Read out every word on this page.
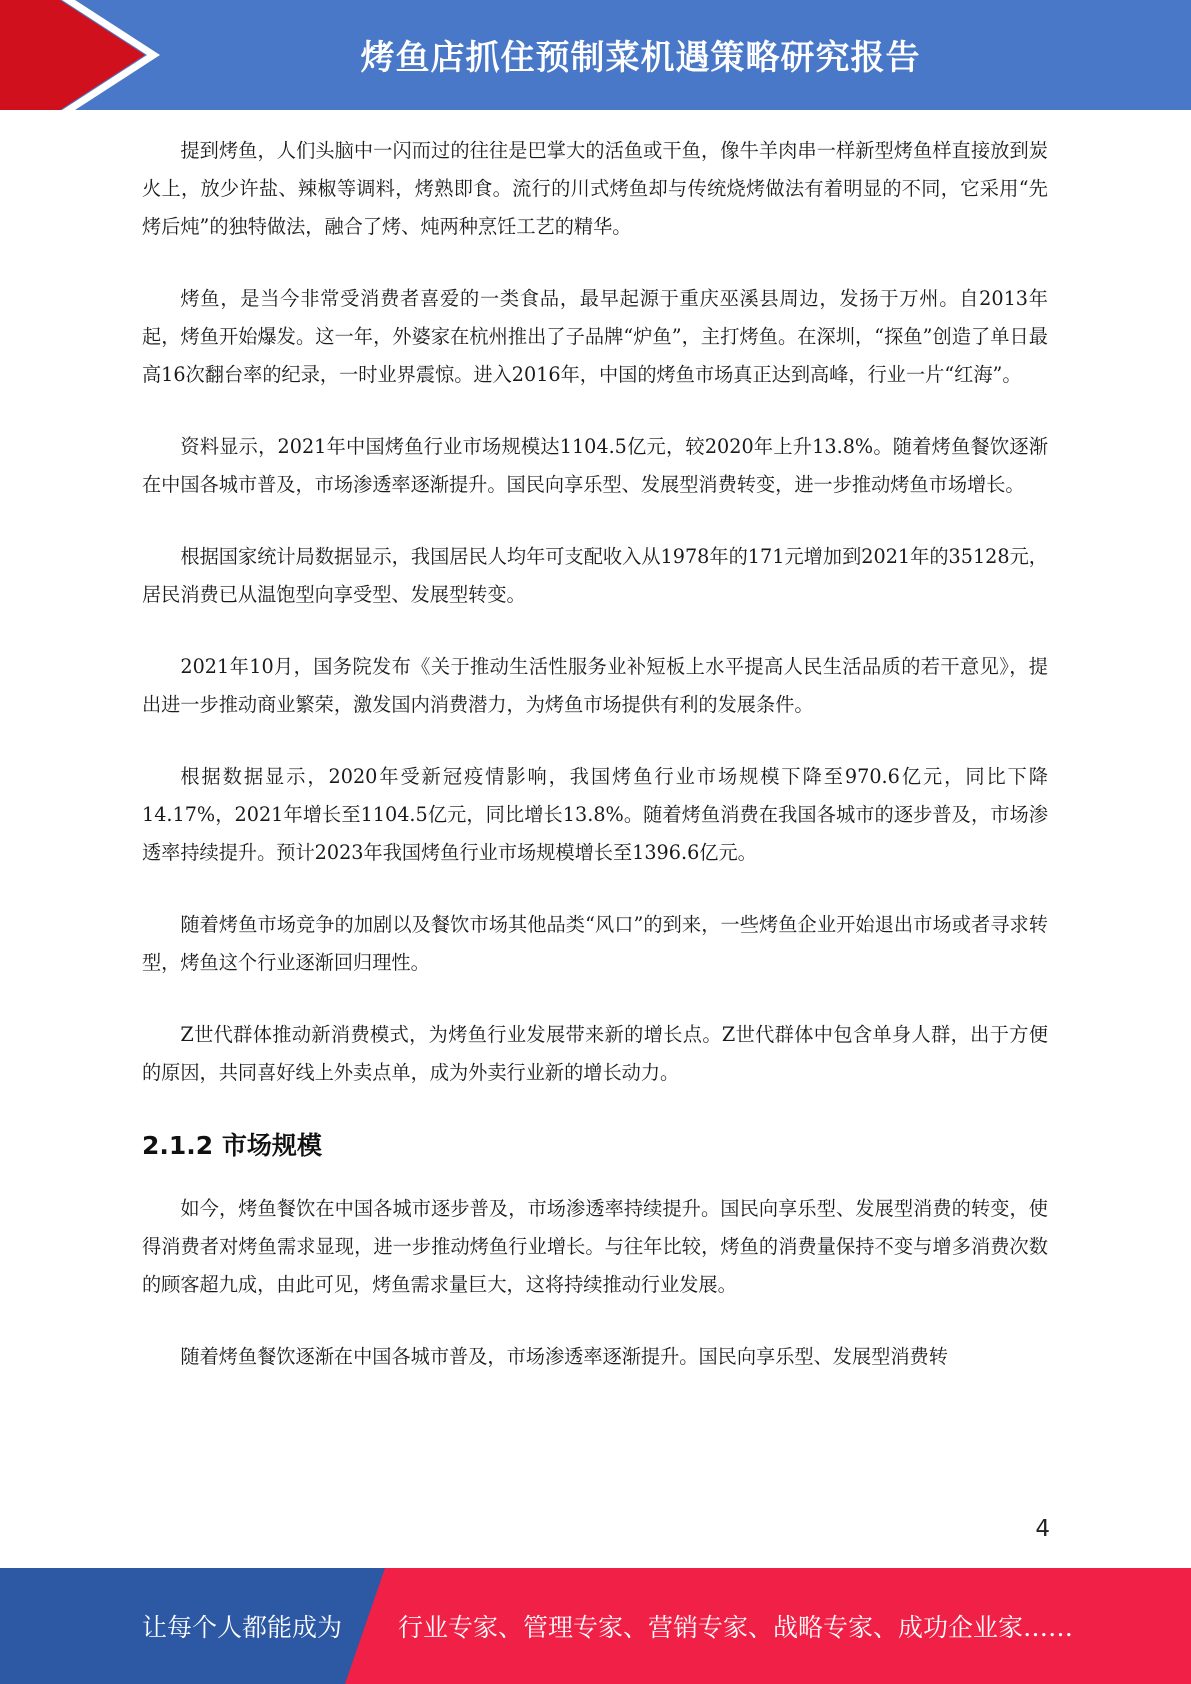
烤鱼店抓住预制菜机遇策略研究报告

提到烤鱼，人们头脑中一闪而过的往往是巴掌大的活鱼或干鱼，像牛羊肉串一样新型烤鱼样直接放到炭火上，放少许盐、辣椒等调料，烤熟即食。流行的川式烤鱼却与传统烧烤做法有着明显的不同，它采用“先烤后炖”的独特做法，融合了烤、炖两种烹饪工艺的精华。

烤鱼，是当今非常受消费者喜爱的一类食品，最早起源于重庆巫溪县周边，发扬于万州。自2013年起，烤鱼开始爆发。这一年，外婆家在杭州推出了子品牌“炉鱼”，主打烤鱼。在深圳，“探鱼”创造了单日最高16次翻台率的纪录，一时业界震惊。进入2016年，中国的烤鱼市场真正达到高峰，行业一片“红海”。

资料显示，2021年中国烤鱼行业市场规模达1104.5亿元，较2020年上升13.8%。随着烤鱼餐饮逐渐在中国各城市普及，市场渗透率逐渐提升。国民向享乐型、发展型消费转变，进一步推动烤鱼市场增长。

根据国家统计局数据显示，我国居民人均年可支配收入从1978年的171元增加到2021年的35128元，居民消费已从温饱型向享受型、发展型转变。

2021年10月，国务院发布《关于推动生活性服务业补短板上水平提高人民生活品质的若干意见》，提出进一步推动商业繁荣，激发国内消费潜力，为烤鱼市场提供有利的发展条件。

根据数据显示，2020年受新冠疫情影响，我国烤鱼行业市场规模下降至970.6亿元，同比下降14.17%，2021年增长至1104.5亿元，同比增长13.8%。随着烤鱼消费在我国各城市的逐步普及，市场渗透率持续提升。预计2023年我国烤鱼行业市场规模增长至1396.6亿元。

随着烤鱼市场竞争的加剧以及餐饮市场其他品类“风口”的到来，一些烤鱼企业开始退出市场或者寻求转型，烤鱼这个行业逐渐回归理性。

Z世代群体推动新消费模式，为烤鱼行业发展带来新的增长点。Z世代群体中包含单身人群，出于方便的原因，共同喜好线上外卖点单，成为外卖行业新的增长动力。

2.1.2 市场规模

如今，烤鱼餐饮在中国各城市逐步普及，市场渗透率持续提升。国民向享乐型、发展型消费的转变，使得消费者对烤鱼需求显现，进一步推动烤鱼行业增长。与往年比较，烤鱼的消费量保持不变与增多消费次数的顾客超九成，由此可见，烤鱼需求量巨大，这将持续推动行业发展。

随着烤鱼餐饮逐渐在中国各城市普及，市场渗透率逐渐提升。国民向享乐型、发展型消费转

4
让每个人都能成为	行业专家、管理专家、营销专家、战略专家、成功企业家……
